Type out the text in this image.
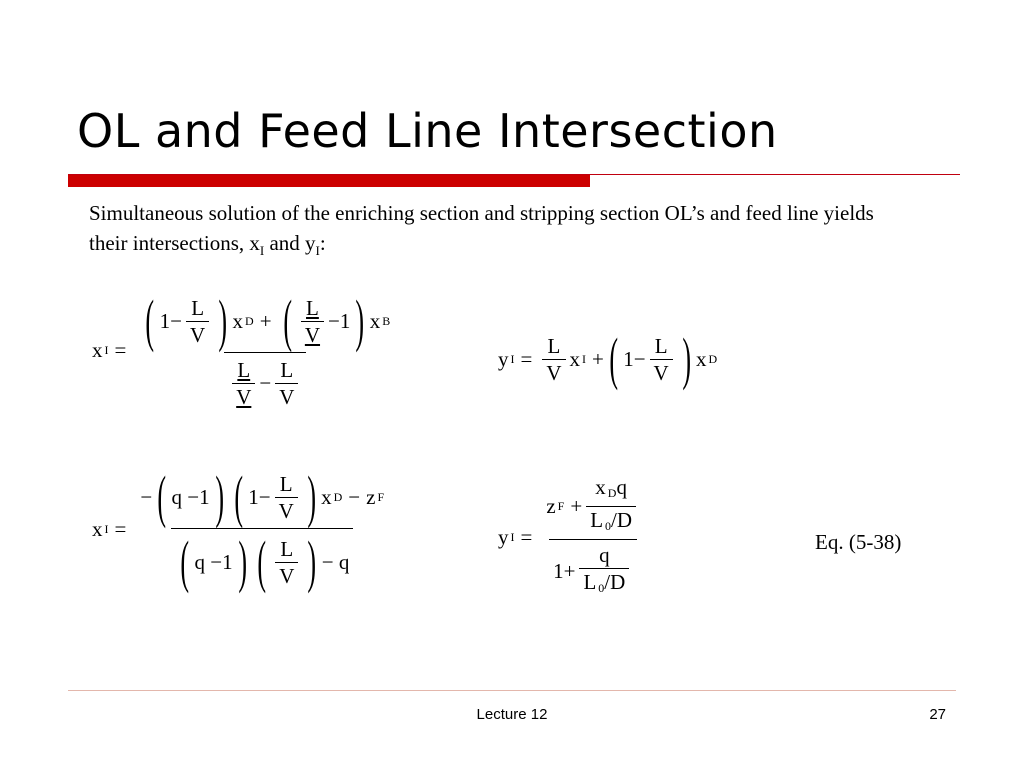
OL and Feed Line Intersection
Simultaneous solution of the enriching section and stripping section OL’s and feed line yields their intersections, $x_I$ and $y_I$:
x I = ( $1- \frac{L}{V}$ ) x D + ( $\frac{L}{V} -1$ ) x B
$\frac{L}{V} - \frac{L}{V}$
y $I = \frac{L}{V}$ x I + ( $1- \frac{L}{V}$ ) x D
x I =
− ( q −1 ) ( $1- \frac{L}{V}$ ) x D − z F
( q −1 ) ( $\frac{L}{V}$ ) − q
y $I = \frac{z F + \frac{x _Dq}{L _0/D}}{1+ \frac{q}{L _0/D}}$	Eq. (5-38)
Lecture 12	27
